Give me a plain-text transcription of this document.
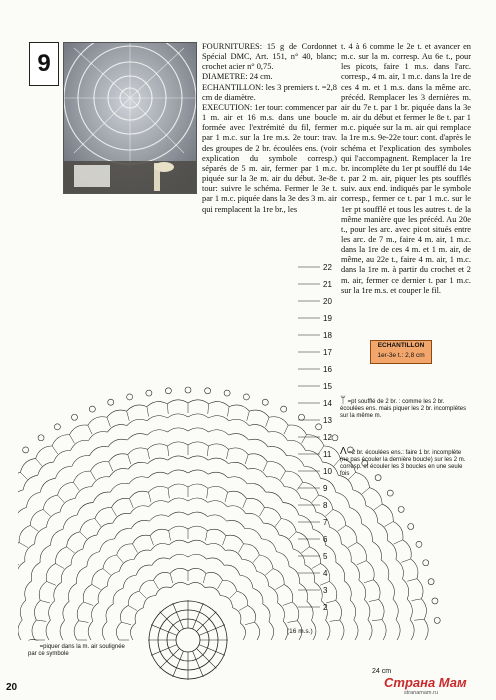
9
FOURNITURES: 15 g de Cordonnet Spécial DMC, Art. 151, n° 40, blanc; crochet acier n° 0,75.
DIAMETRE: 24 cm.
ECHANTILLON: les 3 premiers t. =2,8 cm de diamètre.
EXECUTION: 1er tour: commencer par 1 m. air et 16 m.s. dans une boucle formée avec l'extrémité du fil, fermer par 1 m.c. sur la 1re m.s. 2e tour: trav. des groupes de 2 br. écoulées ens. (voir explication du symbole corresp.) séparés de 5 m. air, fermer par 1 m.c. piquée sur la 3e m. air du début. 3e-8e tour: suivre le schéma. Fermer le 3e t. par 1 m.c. piquée dans la 3e des 3 m. air qui remplacent la 1re br., les
t. 4 à 6 comme le 2e t. et avancer en m.c. sur la m. corresp. Au 6e t., pour les picots, faire 1 m.s. dans l'arc. corresp., 4 m. air, 1 m.c. dans la 1re de ces 4 m. et 1 m.s. dans la même arc. précéd. Remplacer les 3 dernières m. air du 7e t. par 1 br. piquée dans la 3e m. air du début et fermer le 8e t. par 1 m.c. piquée sur la m. air qui remplace la 1re m.s. 9e-22e tour: cont. d'après le schéma et l'explication des symboles qui l'accompagnent. Remplacer la 1re br. incomplète du 1er pt soufflé du 14e t. par 2 m. air, piquer les pts soufflés suiv. aux end. indiqués par le symbole corresp., fermer ce t. par 1 m.c. sur le 1er pt soufflé et tous les autres t. de la même manière que les précéd. Au 20e t., pour les arc. avec picot situés entre les arc. de 7 m., faire 4 m. air, 1 m.c. dans la 1re de ces 4 m. et 1 m. air, de même, au 22e t., faire 4 m. air, 1 m.c. dans la 1re m. à partir du crochet et 2 m. air, fermer ce dernier t. par 1 m.c. sur la 1re m.s. et couper le fil.
22
21
20
19
18
17
16
15
14
13
12
11
10
9
8
7
6
5
4
3
2
ECHANTILLON
1er-3e t.: 2,8 cm
ᛘ =pt soufflé de 2 br. : comme les 2 br. écoulées ens. mais piquer les 2 br. incomplètes sur la même m.
Ʌ =2 br. écoulées ens.: faire 1 br. incomplète (ne pas écouler la dernière boucle) sur les 2 m. corresp. et écouler les 3 boucles en une seule fois
⌒ =piquer dans la m. air soulignée par ce symbole
(16 m.s.)
24 cm
20	Страна Мам
stranamam.ru
